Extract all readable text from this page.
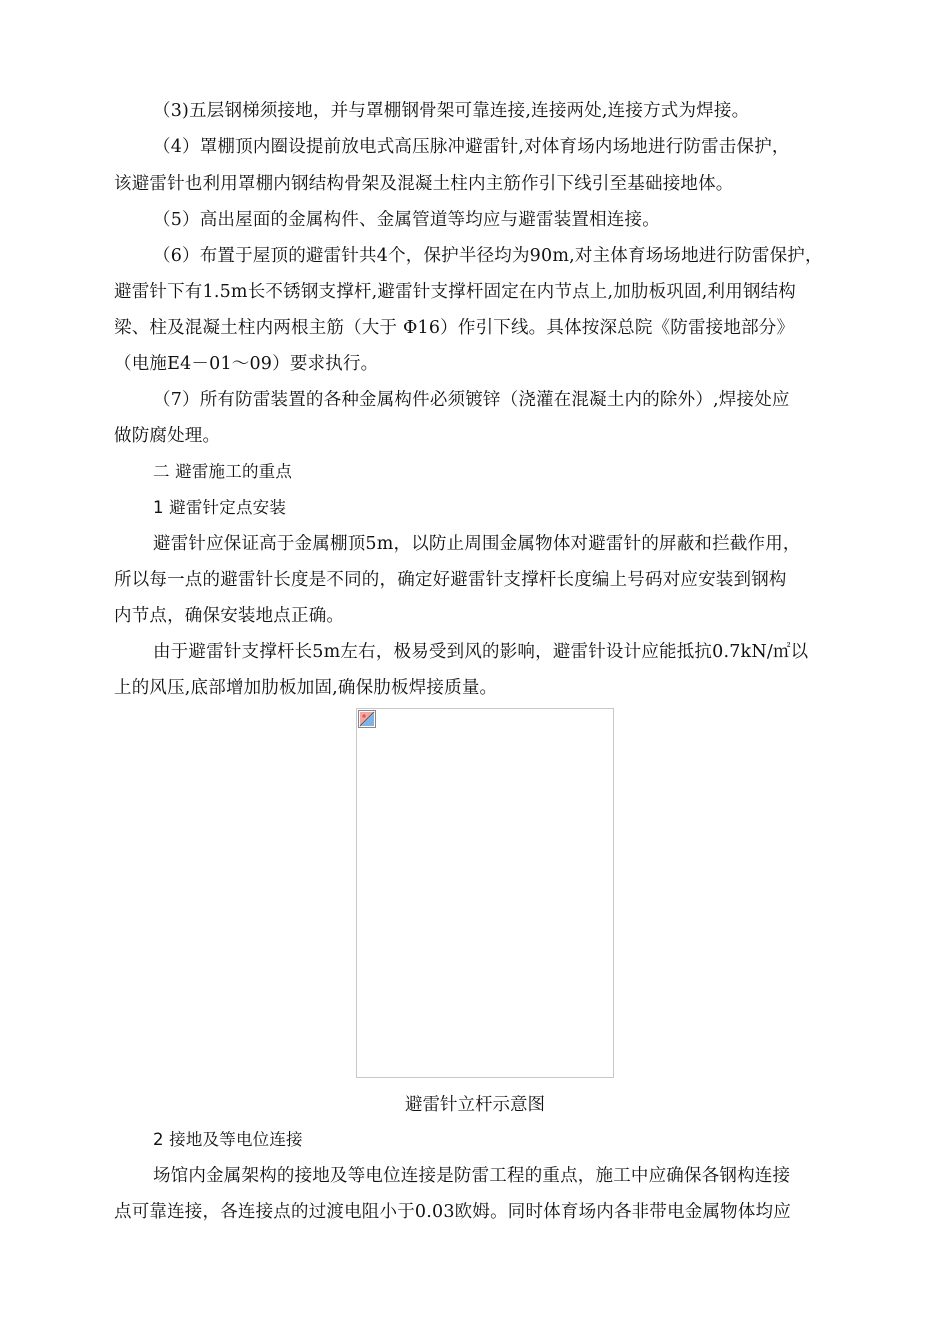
（3)五层钢梯须接地，并与罩棚钢骨架可靠连接,连接两处,连接方式为焊接。
（4）罩棚顶内圈设提前放电式高压脉冲避雷针,对体育场内场地进行防雷击保护，
该避雷针也利用罩棚内钢结构骨架及混凝土柱内主筋作引下线引至基础接地体。
（5）高出屋面的金属构件、金属管道等均应与避雷装置相连接。
（6）布置于屋顶的避雷针共4个，保护半径均为90m,对主体育场场地进行防雷保护，
避雷针下有1.5m长不锈钢支撑杆,避雷针支撑杆固定在内节点上,加肋板巩固,利用钢结构
梁、柱及混凝土柱内两根主筋（大于 Φ16）作引下线。具体按深总院《防雷接地部分》
（电施E4－01～09）要求执行。
（7）所有防雷装置的各种金属构件必须镀锌（浇灌在混凝土内的除外）,焊接处应
做防腐处理。
二 避雷施工的重点
1 避雷针定点安装
避雷针应保证高于金属棚顶5m，以防止周围金属物体对避雷针的屏蔽和拦截作用，
所以每一点的避雷针长度是不同的，确定好避雷针支撑杆长度编上号码对应安装到钢构
内节点，确保安装地点正确。
由于避雷针支撑杆长5m左右，极易受到风的影响，避雷针设计应能抵抗0.7kN/㎡以
上的风压,底部增加肋板加固,确保肋板焊接质量。
避雷针立杆示意图
2 接地及等电位连接
场馆内金属架构的接地及等电位连接是防雷工程的重点，施工中应确保各钢构连接
点可靠连接，各连接点的过渡电阻小于0.03欧姆。同时体育场内各非带电金属物体均应
